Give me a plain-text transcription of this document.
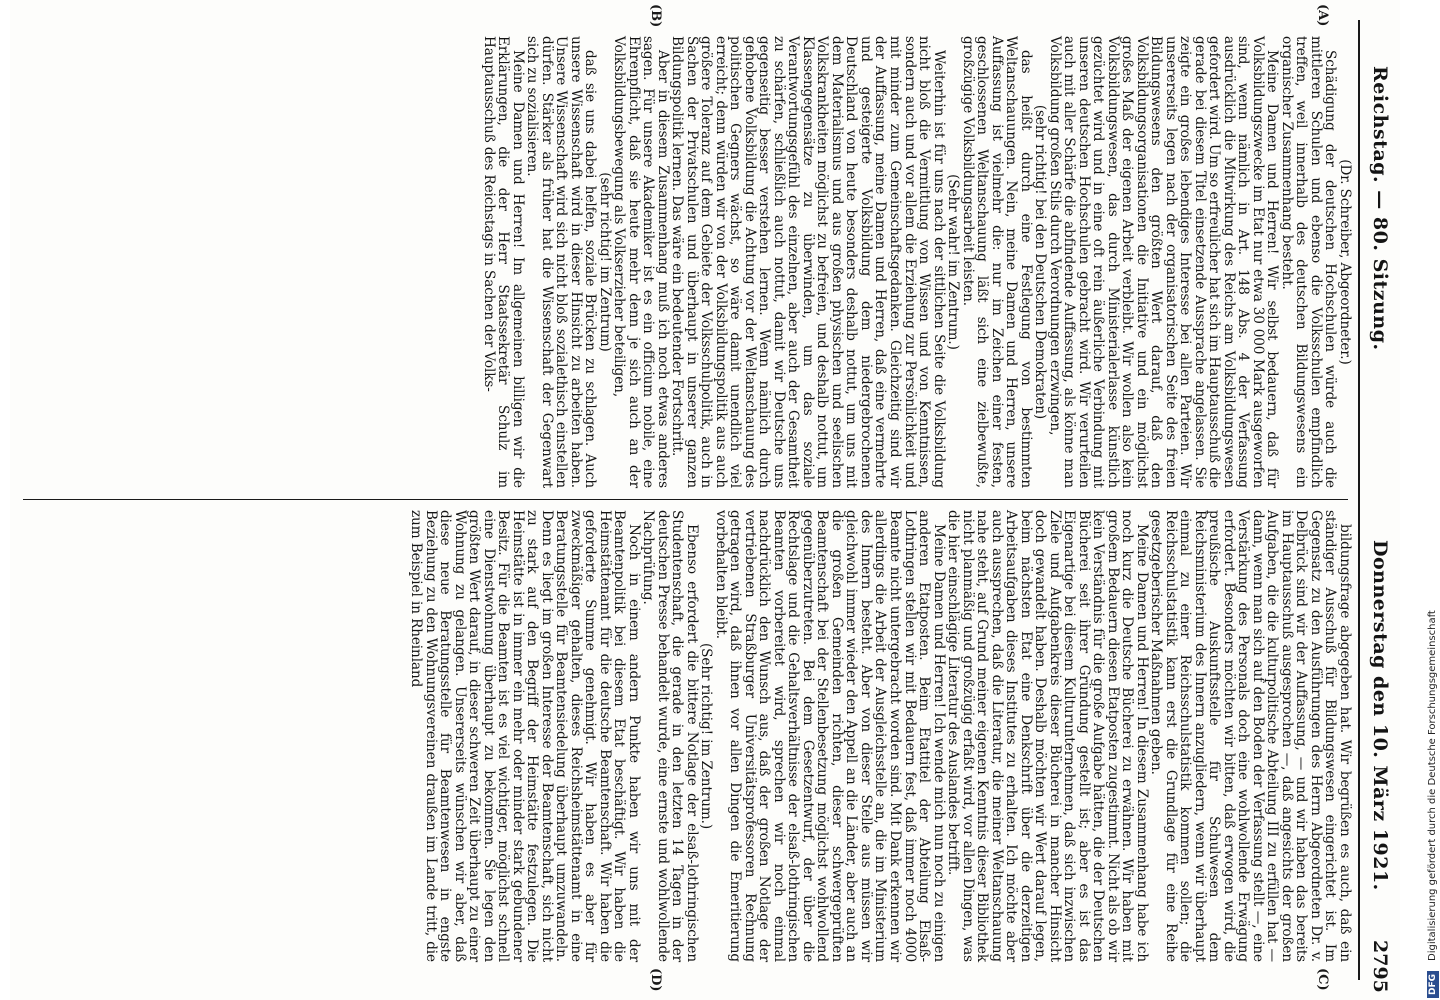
Reichstag. — 80. Sitzung.
Donnerstag den 10. März 1921.
2795
(A)
(B)
(C)
(D)

(Dr. Schreiber, Abgeordneter.)

Schädigung der deutschen Hochschulen würde auch die mittleren Schulen und ebenso die Volksschulen empfindlich treffen, weil innerhalb des deutschen Bildungswesens ein organischer Zusammenhang besteht.

Meine Damen und Herren! Wir selbst bedauern, daß für Volksbildungszwecke im Etat nur etwa 30 000 Mark ausgeworfen sind, wenn nämlich in Art. 148 Abs. 4 der Verfassung ausdrücklich die Mitwirkung des Reichs am Volksbildungswesen gefordert wird. Um so erfreulicher hat sich im Hauptausschuß die gerade bei diesem Titel einsetzende Aussprache angelassen. Sie zeigte ein großes lebendiges Interesse bei allen Parteien. Wir unsererseits legen nach der organisatorischen Seite des freien Bildungswesens den größten Wert darauf, daß den Volksbildungsorganisationen die Initiative und ein möglichst großes Maß der eigenen Arbeit verbleibt. Wir wollen also kein Volksbildungswesen, das durch Ministerialerlasse künstlich gezüchtet wird und in eine oft rein äußerliche Verbindung mit unseren deutschen Hochschulen gebracht wird. Wir verurteilen auch mit aller Schärfe die abfindende Auffassung, als könne man Volksbildung großen Stils durch Verordnungen erzwingen,

(sehr richtig! bei den Deutschen Demokraten)

das heißt durch eine Festlegung von bestimmten Weltanschauungen. Nein, meine Damen und Herren, unsere Auffassung ist vielmehr die: nur im Zeichen einer festen, geschlossenen Weltanschauung läßt sich eine zielbewußte, großzügige Volksbildungsarbeit leisten.

(Sehr wahr! im Zentrum.)

Weiterhin ist für uns nach der sittlichen Seite die Volksbildung nicht bloß die Vermittlung von Wissen und von Kenntnissen, sondern auch und vor allem die Erziehung zur Persönlichkeit und mit minder zum Gemeinschaftsgedanken. Gleichzeitig sind wir der Auffassung, meine Damen und Herren, daß eine vermehrte und gesteigerte Volksbildung dem niedergebrochenen Deutschland von heute besonders deshalb nottut, um uns mit dem Materialismus und aus großen physischen und seelischen Volkskrankheiten möglichst zu befreien, und deshalb nottut, um Klassengegensätze zu überwinden, um das soziale Verantwortungsgefühl des einzelnen, aber auch der Gesamtheit zu schärfen, schließlich auch nottut, damit wir Deutsche uns gegenseitig besser verstehen lernen. Wenn nämlich durch gehobene Volksbildung die Achtung vor der Weltanschauung des politischen Gegners wächst, so wäre damit unendlich viel erreicht; denn würden wir von der Volksbildungspolitik aus auch größere Toleranz auf dem Gebiete der Volksschulpolitik, auch in Sachen der Privatschulen und überhaupt in unserer ganzen Bildungspolitik lernen. Das wäre ein bedeutender Fortschritt.

Aber in diesem Zusammenhang muß ich noch etwas anderes sagen. Für unsere Akademiker ist es ein officium nobile, eine Ehrenpflicht, daß sie heute mehr denn je sich auch an der Volksbildungsbewegung als Volkserzieher beteiligen,

(sehr richtig! im Zentrum)

daß sie uns dabei helfen, soziale Brücken zu schlagen. Auch unsere Wissenschaft wird in dieser Hinsicht zu arbeiten haben. Unsere Wissenschaft wird sich nicht bloß sozialethisch einstellen dürfen. Stärker als früher hat die Wissenschaft der Gegenwart sich zu sozialisieren.

Meine Damen und Herren! Im allgemeinen billigen wir die Erklärungen, die der Herr Staatssekretär Schulz im Hauptausschuß des Reichstags in Sachen der Volks-

bildungsfrage abgegeben hat. Wir begrüßen es auch, daß ein ständiger Ausschuß für Bildungswesen eingerichtet ist. Im Gegensatz zu den Ausführungen des Herrn Abgeordneten Dr. v. Delbrück sind wir der Auffassung, — und wir haben das bereits im Hauptausschuß ausgesprochen —, daß angesichts der großen Aufgaben, die die kulturpolitische Abteilung III zu erfüllen hat — dann, wenn man sich auf den Boden der Verfassung stellt —, eine Verstärkung des Personals doch eine wohlwollende Erwägung erfordert. Besonders möchten wir bitten, daß erwogen wird, die preußische Auskunftsstelle für Schulwesen dem Reichsministerium des Innern anzugliedern, wenn wir überhaupt einmal zu einer Reichsschulstatistik kommen sollen; die Reichsschulstatistik kann erst die Grundlage für eine Reihe gesetzgeberischer Maßnahmen geben.

Meine Damen und Herren! In diesem Zusammenhang habe ich noch kurz die Deutsche Bücherei zu erwähnen. Wir haben mit großem Bedauern diesen Etatposten zugestimmt. Nicht als ob wir kein Verständnis für die große Aufgabe hätten, die der Deutschen Bücherei seit ihrer Gründung gestellt ist; aber es ist das Eigenartige bei diesem Kulturunternehmen, daß sich inzwischen Ziele und Aufgabenkreis dieser Bücherei in mancher Hinsicht doch gewandelt haben. Deshalb möchten wir Wert darauf legen, beim nächsten Etat eine Denkschrift über die derzeitigen Arbeitsaufgaben dieses Institutes zu erhalten. Ich möchte aber auch aussprechen, daß die Literatur, die meiner Weltanschauung nahe steht, auf Grund meiner eigenen Kenntnis dieser Bibliothek nicht planmäßig und großzügig erfaßt wird, vor allen Dingen, was die hier einschlägige Literatur des Auslandes betrifft.

Meine Damen und Herren! Ich wende mich nun noch zu einigen anderen Etatposten. Beim Etattitel der Abteilung Elsaß-Lothringen stellen wir mit Bedauern fest, daß immer noch 4000 Beamte nicht untergebracht worden sind. Mit Dank erkennen wir allerdings die Arbeit der Ausgleichsstelle an, die im Ministerium des Innern besteht. Aber von dieser Stelle aus müssen wir gleichwohl immer wieder den Appell an die Länder, aber auch an die großen Gemeinden richten, dieser schwergeprüften Beamtenschaft bei der Stellenbesetzung möglichst wohlwollend gegenüberzutreten. Bei dem Gesetzentwurf, der über die Rechtslage und die Gehaltsverhältnisse der elsaß-lothringischen Beamten vorbereitet wird, sprechen wir noch einmal nachdrücklich den Wunsch aus, daß der großen Notlage der vertriebenen Straßburger Universitätsprofessoren Rechnung getragen wird, daß ihnen vor allen Dingen die Emeritierung vorbehalten bleibt.

(Sehr richtig! im Zentrum.)

Ebenso erfordert die bittere Notlage der elsaß-lothringischen Studentenschaft, die gerade in den letzten 14 Tagen in der deutschen Presse behandelt wurde, eine ernste und wohlwollende Nachprüfung.

Noch in einem andern Punkte haben wir uns mit der Beamtenpolitik bei diesem Etat beschäftigt. Wir haben die Heimstättenamt für die deutsche Beamtenschaft. Wir haben die geforderte Summe genehmigt. Wir haben es aber für zweckmäßiger gehalten, dieses Reichsheimstättenamt in eine Beratungsstelle für Beamtensiedelung überhaupt umzuwandeln. Denn es liegt im großen Interesse der Beamtenschaft, sich nicht zu stark auf den Begriff der Heimstätte festzulegen. Die Heimstätte ist in immer ein mehr oder minder stark gebundener Besitz. Für die Beamten ist es viel wichtiger, möglichst schnell eine Dienstwohnung überhaupt zu bekommen. Sie legen den größten Wert darauf, in dieser schweren Zeit überhaupt zu einer Wohnung zu gelangen. Unsererseits wünschen wir aber, daß diese neue Beratungsstelle für Beamtenwesen in engste Beziehung zu den Wohnungsvereinen draußen im Lande tritt, die zum Beispiel in Rheinland

DFGDigitalisierung gefördert durch die Deutsche Forschungsgemeinschaft
